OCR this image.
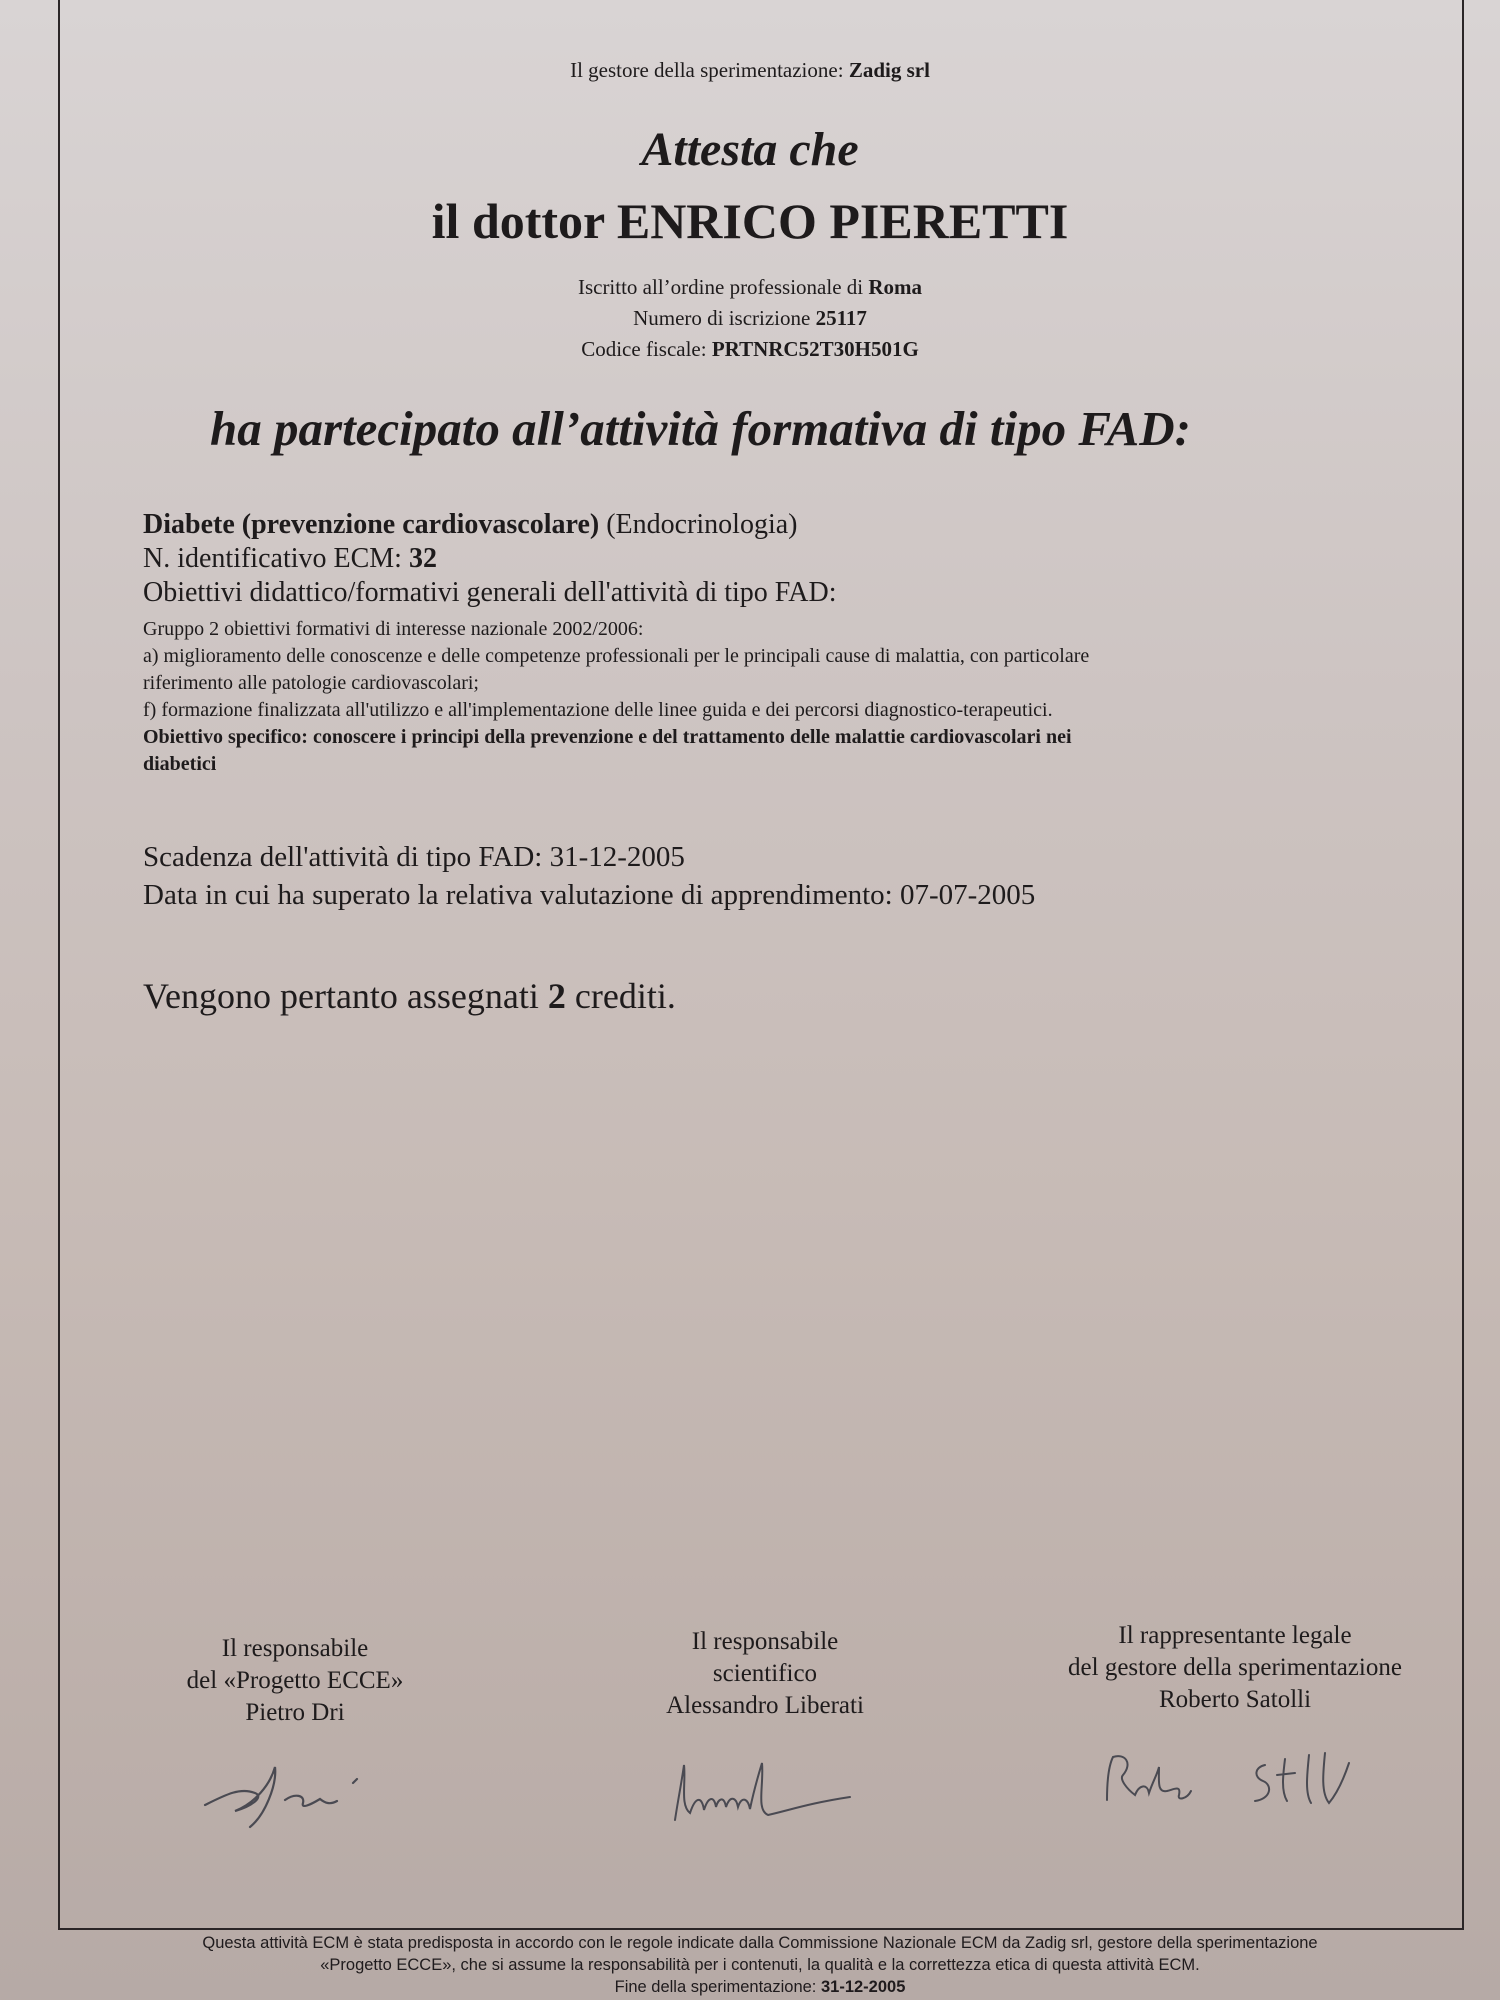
Il gestore della sperimentazione: Zadig srl
Attesta che
il dottor ENRICO PIERETTI
Iscritto all’ordine professionale di Roma
Numero di iscrizione 25117
Codice fiscale: PRTNRC52T30H501G
ha partecipato all’attività formativa di tipo FAD:
Diabete (prevenzione cardiovascolare) (Endocrinologia)
N. identificativo ECM: 32
Obiettivi didattico/formativi generali dell'attività di tipo FAD:
Gruppo 2 obiettivi formativi di interesse nazionale 2002/2006:
a) miglioramento delle conoscenze e delle competenze professionali per le principali cause di malattia, con particolare
riferimento alle patologie cardiovascolari;
f) formazione finalizzata all'utilizzo e all'implementazione delle linee guida e dei percorsi diagnostico-terapeutici.
Obiettivo specifico: conoscere i principi della prevenzione e del trattamento delle malattie cardiovascolari nei
diabetici
Scadenza dell'attività di tipo FAD: 31-12-2005
Data in cui ha superato la relativa valutazione di apprendimento: 07-07-2005
Vengono pertanto assegnati 2 crediti.
Il responsabile
del «Progetto ECCE»
Pietro Dri
Il responsabile
scientifico
Alessandro Liberati
Il rappresentante legale
del gestore della sperimentazione
Roberto Satolli
Questa attività ECM è stata predisposta in accordo con le regole indicate dalla Commissione Nazionale ECM da Zadig srl, gestore della sperimentazione
«Progetto ECCE», che si assume la responsabilità per i contenuti, la qualità e la correttezza etica di questa attività ECM.
Fine della sperimentazione: 31-12-2005
